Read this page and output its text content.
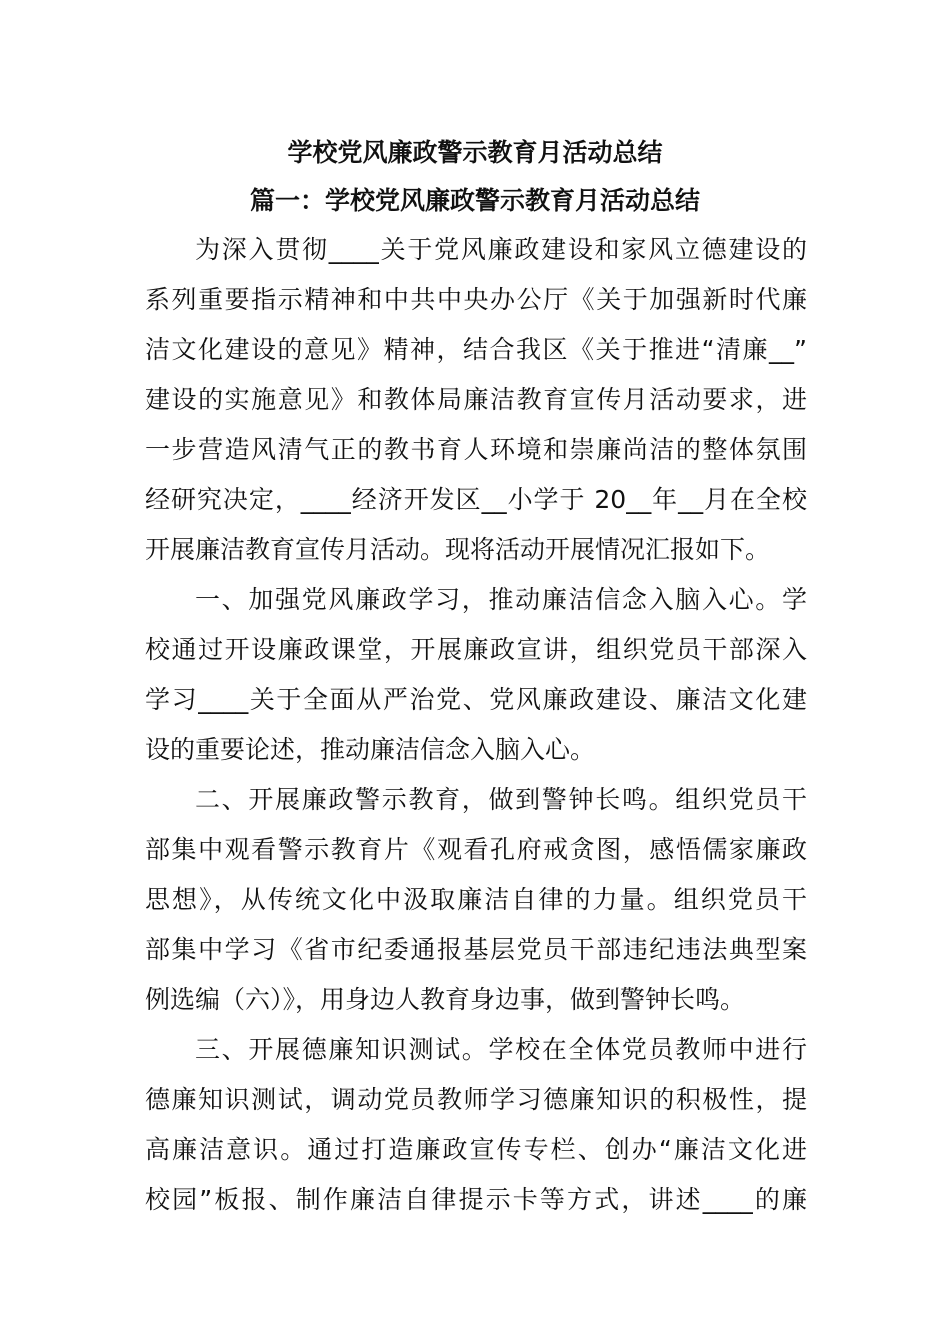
学校党风廉政警示教育月活动总结
篇一：学校党风廉政警示教育月活动总结

为深入贯彻____关于党风廉政建设和家风立德建设的
系列重要指示精神和中共中央办公厅《关于加强新时代廉
洁文化建设的意见》精神，结合我区《关于推进“清廉__”
建设的实施意见》和教体局廉洁教育宣传月活动要求，进
一步营造风清气正的教书育人环境和崇廉尚洁的整体氛围
经研究决定，____经济开发区__小学于 20__年__月在全校
开展廉洁教育宣传月活动。现将活动开展情况汇报如下。

一、加强党风廉政学习，推动廉洁信念入脑入心。学
校通过开设廉政课堂，开展廉政宣讲，组织党员干部深入
学习____关于全面从严治党、党风廉政建设、廉洁文化建
设的重要论述，推动廉洁信念入脑入心。

二、开展廉政警示教育，做到警钟长鸣。组织党员干
部集中观看警示教育片《观看孔府戒贪图，感悟儒家廉政
思想》，从传统文化中汲取廉洁自律的力量。组织党员干
部集中学习《省市纪委通报基层党员干部违纪违法典型案
例选编（六）》，用身边人教育身边事，做到警钟长鸣。

三、开展德廉知识测试。学校在全体党员教师中进行
德廉知识测试，调动党员教师学习德廉知识的积极性，提
高廉洁意识。通过打造廉政宣传专栏、创办“廉洁文化进
校园”板报、制作廉洁自律提示卡等方式，讲述____的廉
